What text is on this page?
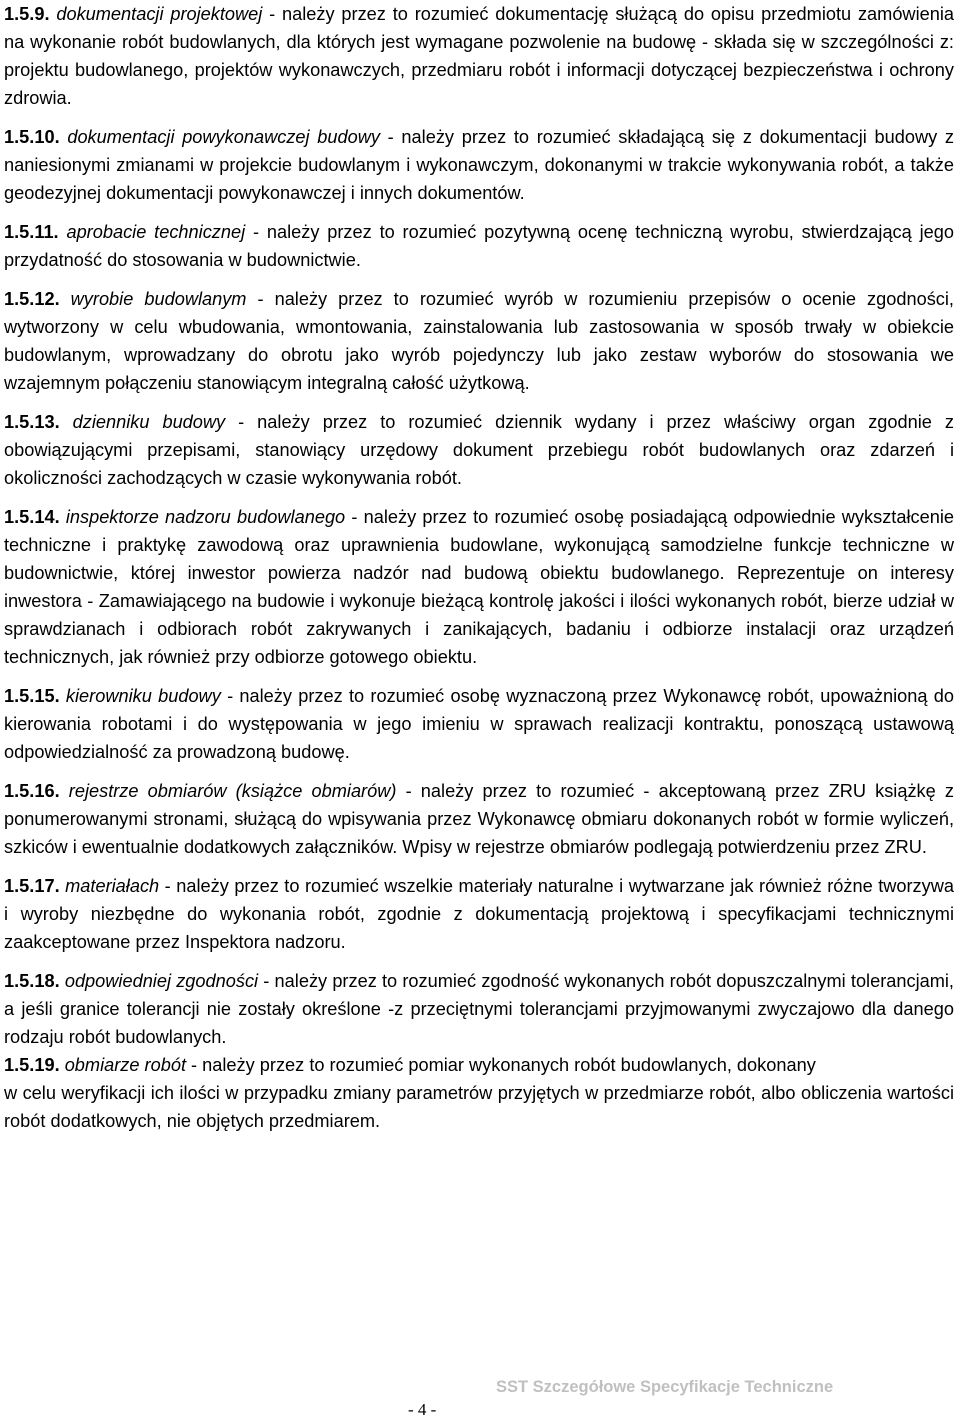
1.5.9. dokumentacji projektowej - należy przez to rozumieć dokumentację służącą do opisu przedmiotu zamówienia na wykonanie robót budowlanych, dla których jest wymagane pozwolenie na budowę - składa się w szczególności z: projektu budowlanego, projektów wykonawczych, przedmiaru robót i informacji dotyczącej bezpieczeństwa i ochrony zdrowia.

1.5.10. dokumentacji powykonawczej budowy - należy przez to rozumieć składającą się z dokumentacji budowy z naniesionymi zmianami w projekcie budowlanym i wykonawczym, dokonanymi w trakcie wykonywania robót, a także geodezyjnej dokumentacji powykonawczej i innych dokumentów.

1.5.11. aprobacie technicznej - należy przez to rozumieć pozytywną ocenę techniczną wyrobu, stwierdzającą jego przydatność do stosowania w budownictwie.

1.5.12. wyrobie budowlanym - należy przez to rozumieć wyrób w rozumieniu przepisów o ocenie zgodności, wytworzony w celu wbudowania, wmontowania, zainstalowania lub zastosowania w sposób trwały w obiekcie budowlanym, wprowadzany do obrotu jako wyrób pojedynczy lub jako zestaw wyborów do stosowania we wzajemnym połączeniu stanowiącym integralną całość użytkową.

1.5.13. dzienniku budowy - należy przez to rozumieć dziennik wydany i przez właściwy organ zgodnie z obowiązującymi przepisami, stanowiący urzędowy dokument przebiegu robót budowlanych oraz zdarzeń i okoliczności zachodzących w czasie wykonywania robót.

1.5.14. inspektorze nadzoru budowlanego - należy przez to rozumieć osobę posiadającą odpowiednie wykształcenie techniczne i praktykę zawodową oraz uprawnienia budowlane, wykonującą samodzielne funkcje techniczne w budownictwie, której inwestor powierza nadzór nad budową obiektu budowlanego. Reprezentuje on interesy inwestora - Zamawiającego na budowie i wykonuje bieżącą kontrolę jakości i ilości wykonanych robót, bierze udział w sprawdzianach i odbiorach robót zakrywanych i zanikających, badaniu i odbiorze instalacji oraz urządzeń technicznych, jak również przy odbiorze gotowego obiektu.

1.5.15. kierowniku budowy - należy przez to rozumieć osobę wyznaczoną przez Wykonawcę robót, upoważnioną do kierowania robotami i do występowania w jego imieniu w sprawach realizacji kontraktu, ponoszącą ustawową odpowiedzialność za prowadzoną budowę.

1.5.16. rejestrze obmiarów (książce obmiarów) - należy przez to rozumieć - akceptowaną przez ZRU książkę z ponumerowanymi stronami, służącą do wpisywania przez Wykonawcę obmiaru dokonanych robót w formie wyliczeń, szkiców i ewentualnie dodatkowych załączników. Wpisy w rejestrze obmiarów podlegają potwierdzeniu przez ZRU.

1.5.17. materiałach - należy przez to rozumieć wszelkie materiały naturalne i wytwarzane jak również różne tworzywa i wyroby niezbędne do wykonania robót, zgodnie z dokumentacją projektową i specyfikacjami technicznymi zaakceptowane przez Inspektora nadzoru.

1.5.18. odpowiedniej zgodności - należy przez to rozumieć zgodność wykonanych robót dopuszczalnymi tolerancjami, a jeśli granice tolerancji nie zostały określone -z przeciętnymi tolerancjami przyjmowanymi zwyczajowo dla danego rodzaju robót budowlanych.

1.5.19. obmiarze robót - należy przez to rozumieć pomiar wykonanych robót budowlanych, dokonany
w celu weryfikacji ich ilości w przypadku zmiany parametrów przyjętych w przedmiarze robót, albo obliczenia wartości robót dodatkowych, nie objętych przedmiarem.

SST Szczegółowe Specyfikacje Techniczne
- 4 -
